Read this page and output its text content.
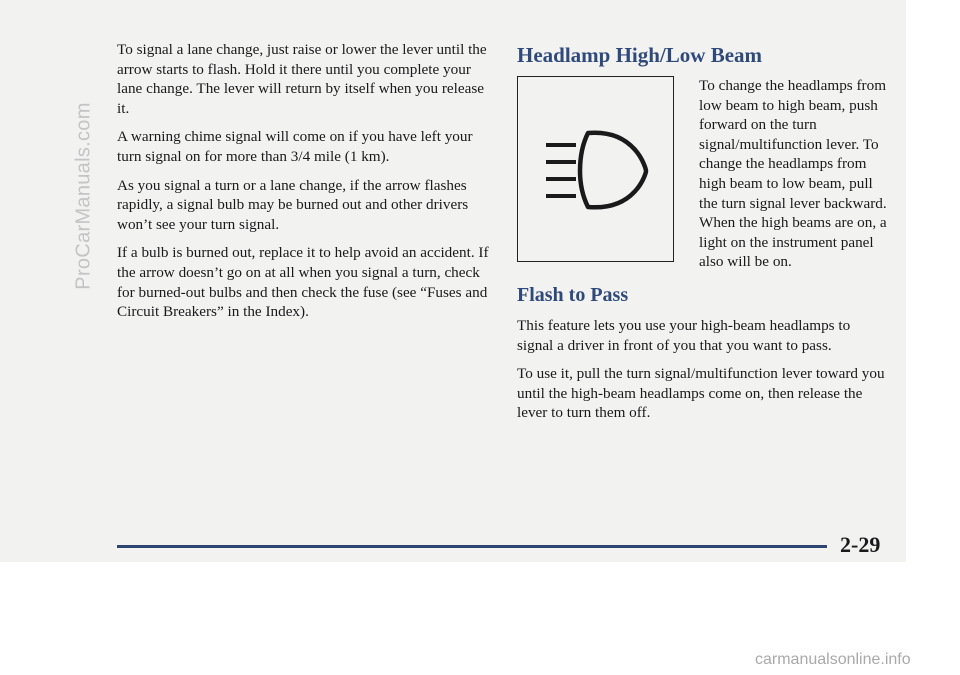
ProCarManuals.com

To signal a lane change, just raise or lower the lever until the arrow starts to flash. Hold it there until you complete your lane change. The lever will return by itself when you release it.

A warning chime signal will come on if you have left your turn signal on for more than 3/4 mile (1 km).

As you signal a turn or a lane change, if the arrow flashes rapidly, a signal bulb may be burned out and other drivers won’t see your turn signal.

If a bulb is burned out, replace it to help avoid an accident. If the arrow doesn’t go on at all when you signal a turn, check for burned-out bulbs and then check the fuse (see “Fuses and Circuit Breakers” in the Index).

Headlamp High/Low Beam

To change the headlamps from low beam to high beam, push forward on the turn signal/multifunction lever. To change the headlamps from high beam to low beam, pull the turn signal lever backward. When the high beams are on, a light on the instrument panel also will be on.

Flash to Pass

This feature lets you use your high-beam headlamps to signal a driver in front of you that you want to pass.

To use it, pull the turn signal/multifunction lever toward you until the high-beam headlamps come on, then release the lever to turn them off.

2-29
carmanualsonline.info
